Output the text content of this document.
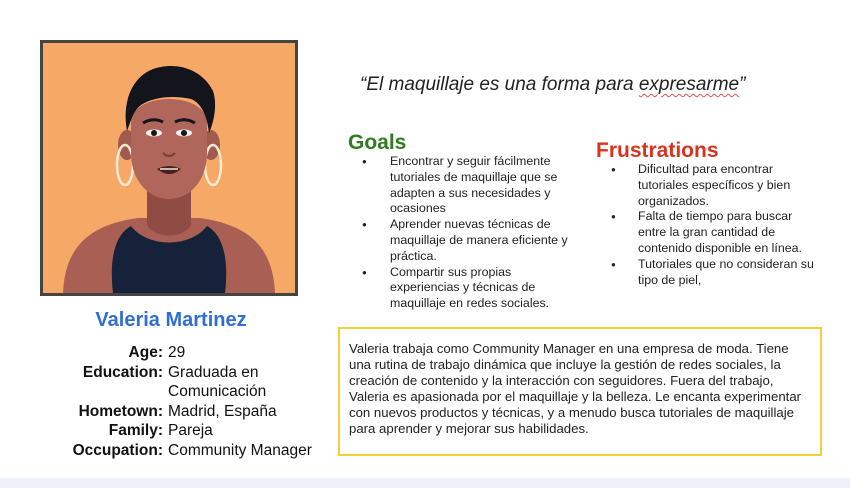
Valeria Martinez
Age: 29
Education: Graduada en Comunicación
Hometown: Madrid, España
Family: Pareja
Occupation: Community Manager
“El maquillaje es una forma para expresarme”
Goals
● Encontrar y seguir fácilmente tutoriales de maquillaje que se adapten a sus necesidades y ocasiones
● Aprender nuevas técnicas de maquillaje de manera eficiente y práctica.
● Compartir sus propias experiencias y técnicas de maquillaje en redes sociales.
Frustrations
● Dificultad para encontrar tutoriales específicos y bien organizados.
● Falta de tiempo para buscar entre la gran cantidad de contenido disponible en línea.
● Tutoriales que no consideran su tipo de piel,
Valeria trabaja como Community Manager en una empresa de moda. Tiene una rutina de trabajo dinámica que incluye la gestión de redes sociales, la creación de contenido y la interacción con seguidores. Fuera del trabajo, Valeria es apasionada por el maquillaje y la belleza. Le encanta experimentar con nuevos productos y técnicas, y a menudo busca tutoriales de maquillaje para aprender y mejorar sus habilidades.
